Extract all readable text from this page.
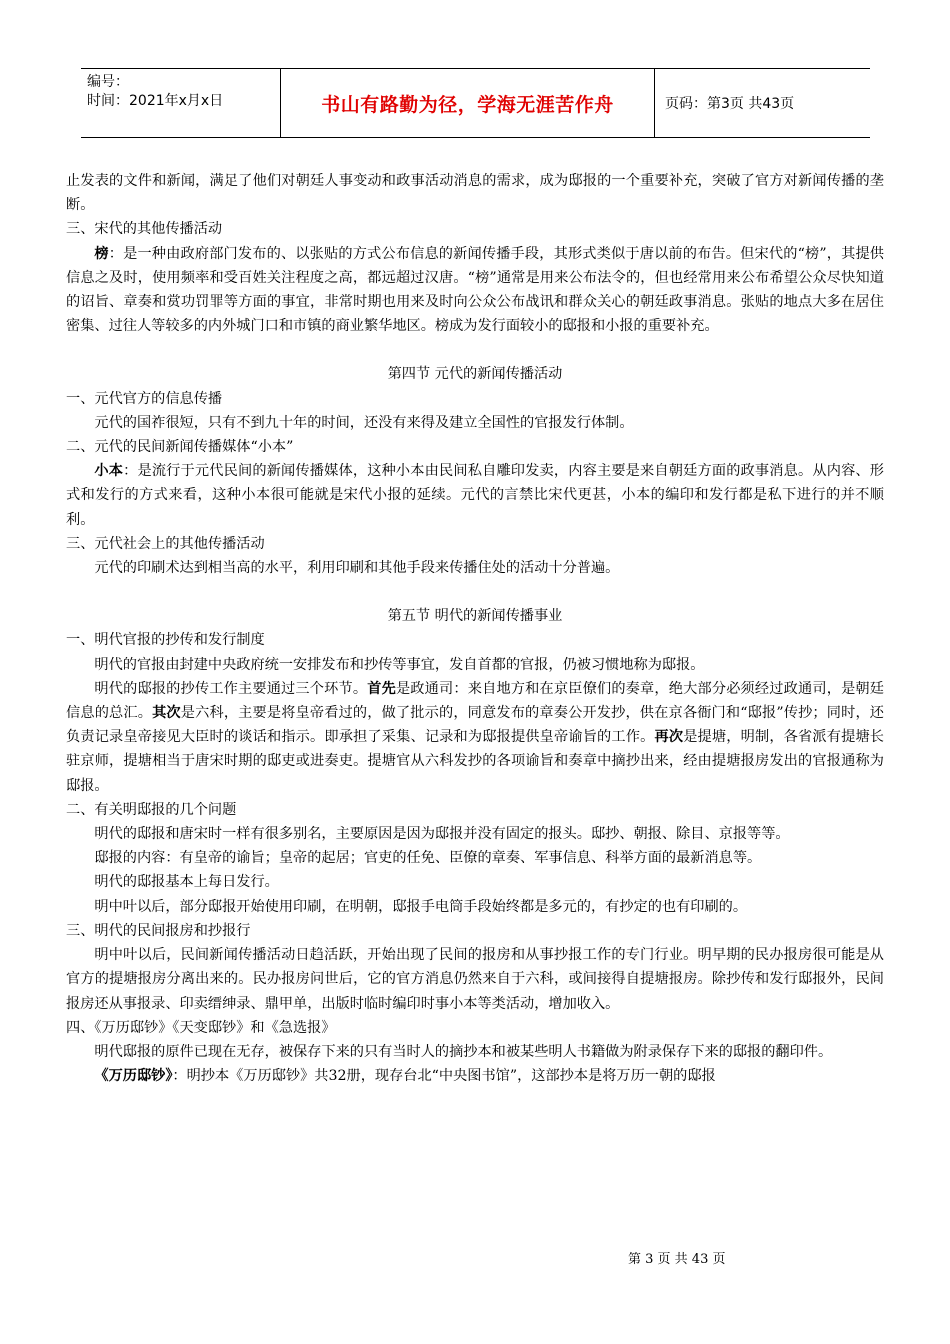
编号：
时间：2021年x月x日	书山有路勤为径，学海无涯苦作舟	页码：第3页 共43页

止发表的文件和新闻，满足了他们对朝廷人事变动和政事活动消息的需求，成为邸报的一个重要补充，突破了官方对新闻传播的垄断。

三、宋代的其他传播活动

榜：是一种由政府部门发布的、以张贴的方式公布信息的新闻传播手段，其形式类似于唐以前的布告。但宋代的“榜”，其提供信息之及时，使用频率和受百姓关注程度之高，都远超过汉唐。“榜”通常是用来公布法令的，但也经常用来公布希望公众尽快知道的诏旨、章奏和赏功罚罪等方面的事宜，非常时期也用来及时向公众公布战讯和群众关心的朝廷政事消息。张贴的地点大多在居住密集、过往人等较多的内外城门口和市镇的商业繁华地区。榜成为发行面较小的邸报和小报的重要补充。

第四节 元代的新闻传播活动

一、元代官方的信息传播

元代的国祚很短，只有不到九十年的时间，还没有来得及建立全国性的官报发行体制。

二、元代的民间新闻传播媒体“小本”

小本：是流行于元代民间的新闻传播媒体，这种小本由民间私自雕印发卖，内容主要是来自朝廷方面的政事消息。从内容、形式和发行的方式来看，这种小本很可能就是宋代小报的延续。元代的言禁比宋代更甚，小本的编印和发行都是私下进行的并不顺利。

三、元代社会上的其他传播活动

元代的印刷术达到相当高的水平，利用印刷和其他手段来传播住处的活动十分普遍。

第五节 明代的新闻传播事业

一、明代官报的抄传和发行制度

明代的官报由封建中央政府统一安排发布和抄传等事宜，发自首都的官报，仍被习惯地称为邸报。

明代的邸报的抄传工作主要通过三个环节。首先是政通司：来自地方和在京臣僚们的奏章，绝大部分必须经过政通司，是朝廷信息的总汇。其次是六科，主要是将皇帝看过的，做了批示的，同意发布的章奏公开发抄，供在京各衙门和“邸报”传抄；同时，还负责记录皇帝接见大臣时的谈话和指示。即承担了采集、记录和为邸报提供皇帝谕旨的工作。再次是提塘，明制，各省派有提塘长驻京师，提塘相当于唐宋时期的邸吏或进奏吏。提塘官从六科发抄的各项谕旨和奏章中摘抄出来，经由提塘报房发出的官报通称为邸报。

二、有关明邸报的几个问题

明代的邸报和唐宋时一样有很多别名，主要原因是因为邸报并没有固定的报头。邸抄、朝报、除目、京报等等。

邸报的内容：有皇帝的谕旨；皇帝的起居；官吏的任免、臣僚的章奏、军事信息、科举方面的最新消息等。

明代的邸报基本上每日发行。

明中叶以后，部分邸报开始使用印刷，在明朝，邸报手电筒手段始终都是多元的，有抄定的也有印刷的。

三、明代的民间报房和抄报行

明中叶以后，民间新闻传播活动日趋活跃，开始出现了民间的报房和从事抄报工作的专门行业。明早期的民办报房很可能是从官方的提塘报房分离出来的。民办报房问世后，它的官方消息仍然来自于六科，或间接得自提塘报房。除抄传和发行邸报外，民间报房还从事报录、印卖缙绅录、鼎甲单，出版时临时编印时事小本等类活动，增加收入。

四、《万历邸钞》《天变邸钞》和《急选报》

明代邸报的原件已现在无存，被保存下来的只有当时人的摘抄本和被某些明人书籍做为附录保存下来的邸报的翻印件。

《万历邸钞》：明抄本《万历邸钞》共32册，现存台北“中央图书馆”，这部抄本是将万历一朝的邸报

第 3 页 共 43 页
